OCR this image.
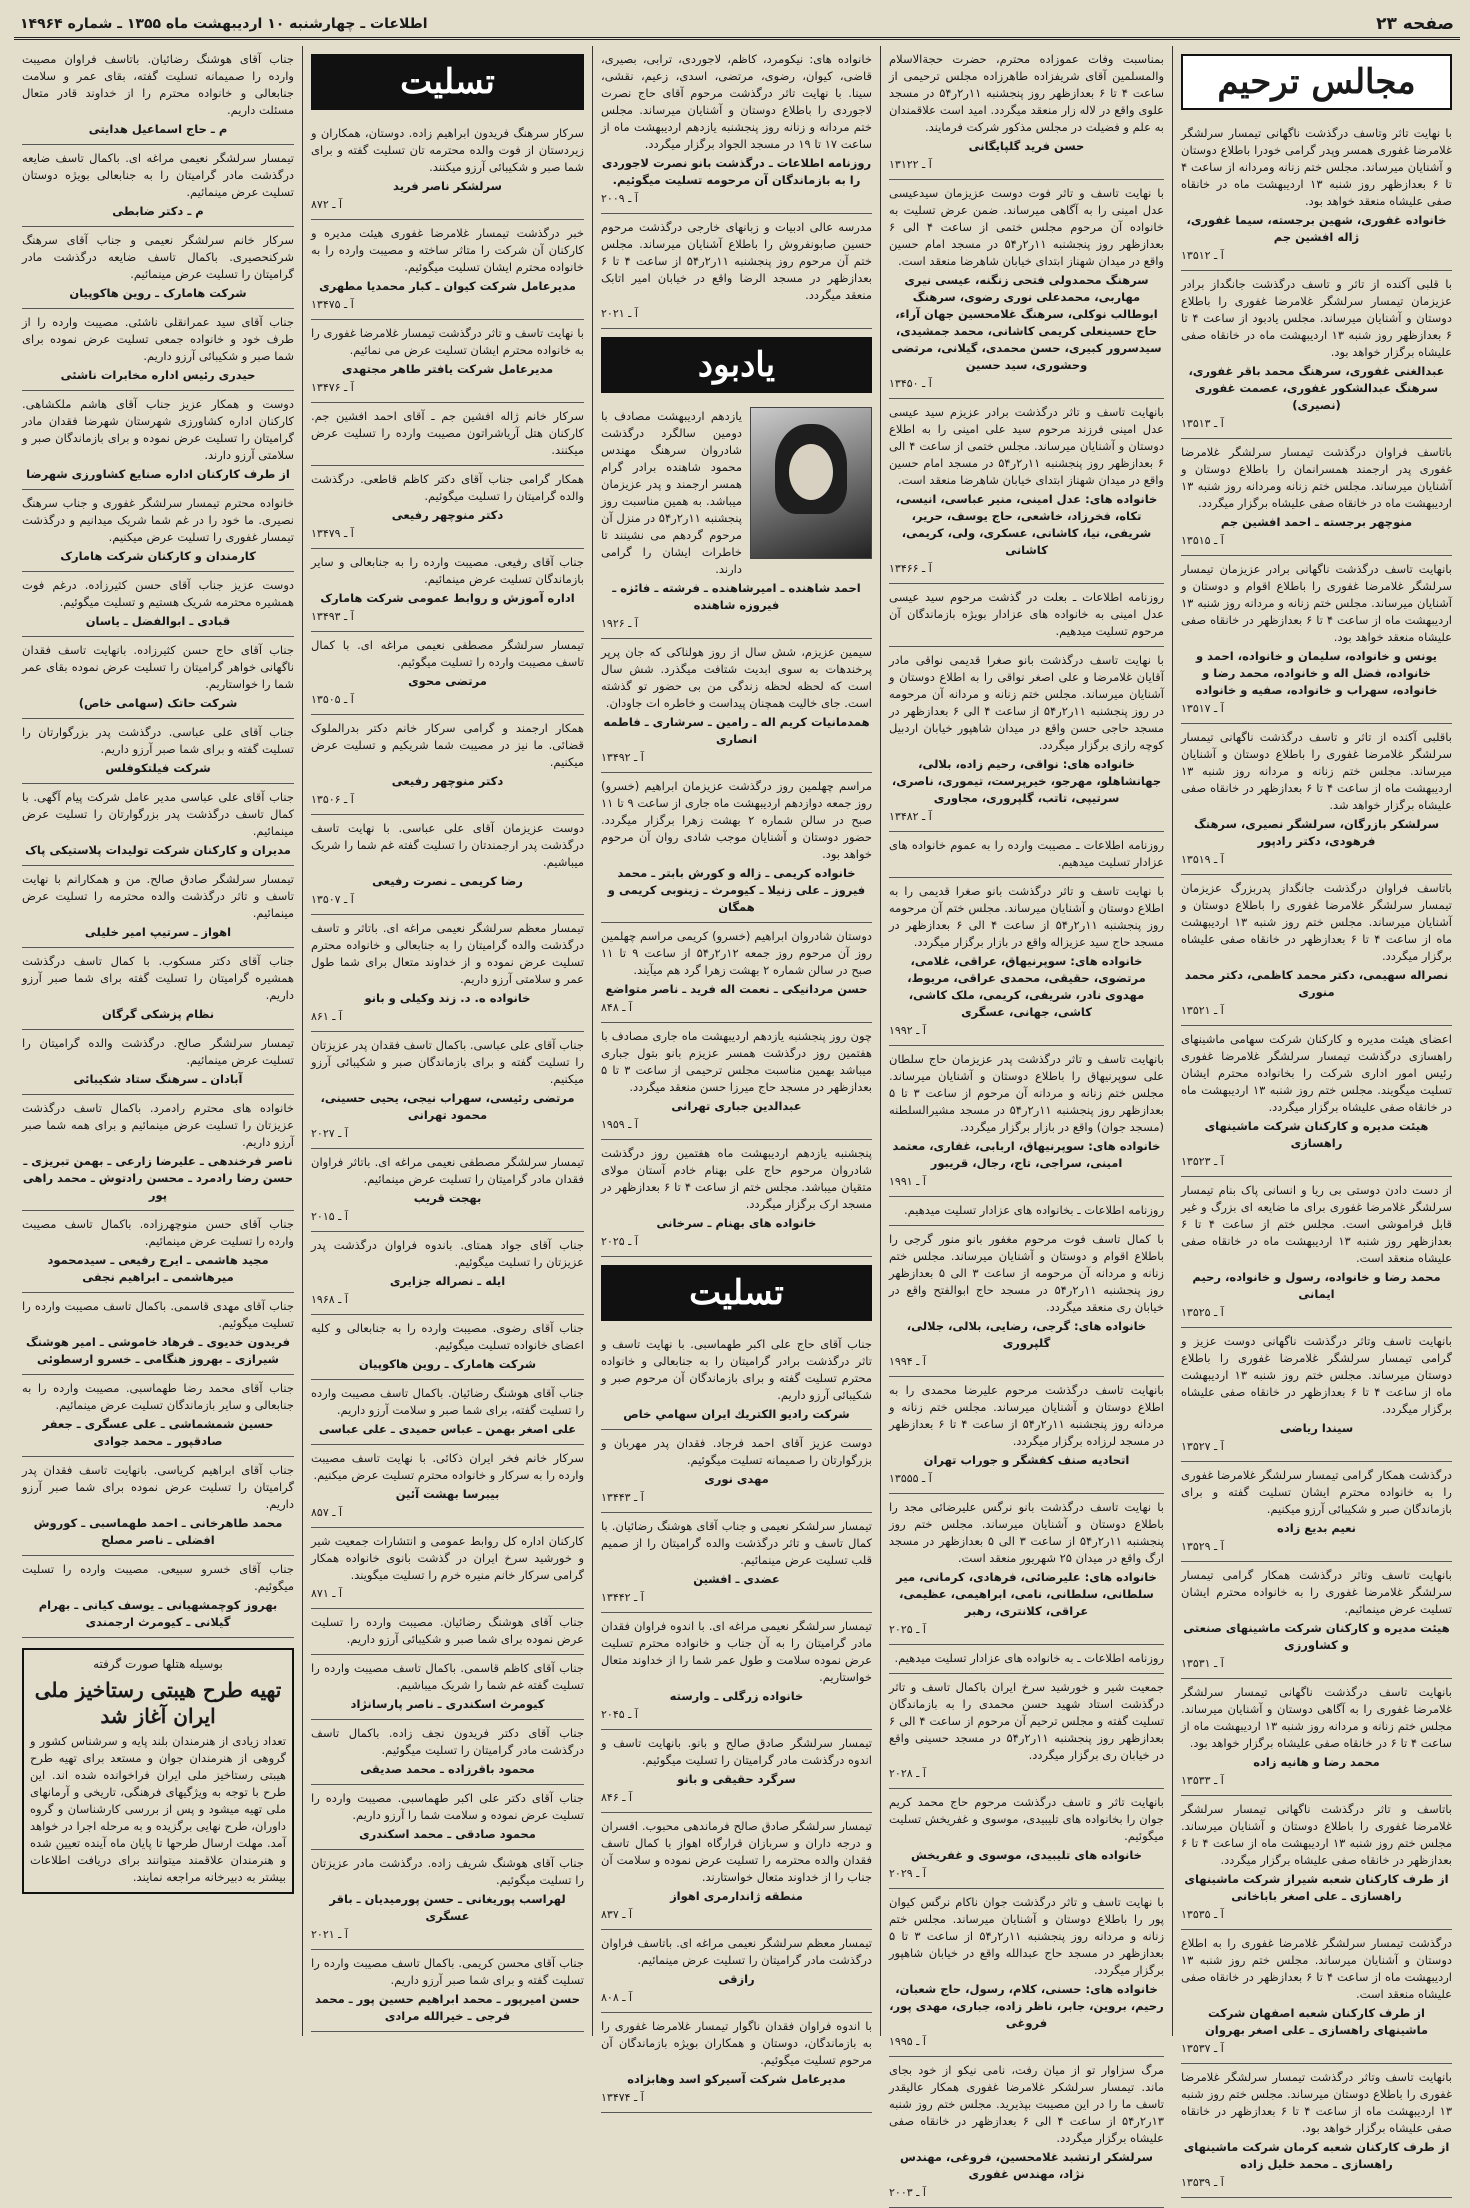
صفحه ۲۳
اطلاعات ـ چهارشنبه ۱۰ اردیبهشت ماه ۱۳۵۵ ـ شماره ۱۴۹۶۴
مجالس ترحیم
با نهایت تاثر وتاسف درگذشت ناگهانی تیمسار سرلشگر غلامرضا غفوری همسر وپدر گرامی خودرا باطلاع دوستان و آشنایان میرساند. مجلس ختم زنانه ومردانه از ساعت ۴ تا ۶ بعدازظهر روز شنبه ۱۳ اردیبهشت ماه در خانقاه صفی علیشاه منعقد خواهد بود.
خانواده غفوری، شهین برجسته، سیما غفوری، ژاله افشین جم
آ ـ ۱۳۵۱۲
با قلبی آکنده از تاثر و تاسف درگذشت جانگداز برادر عزیزمان تیمسار سرلشگر غلامرضا غفوری را باطلاع دوستان و آشنایان میرساند. مجلس یادبود از ساعت ۴ تا ۶ بعدازظهر روز شنبه ۱۳ اردیبهشت ماه در خانقاه صفی علیشاه برگزار خواهد بود.
عبدالغنی غفوری، سرهنگ محمد باقر غفوری، سرهنگ عبدالشکور غفوری، عصمت غفوری (نصیری)
آ ـ ۱۳۵۱۳
باتاسف فراوان درگذشت تیمسار سرلشگر غلامرضا غفوری پدر ارجمند همسرانمان را باطلاع دوستان و آشنایان میرساند. مجلس ختم زنانه ومردانه روز شنبه ۱۳ اردیبهشت ماه در خانقاه صفی علیشاه برگزار میگردد.
منوچهر برجسته ـ احمد افشین جم
آ ـ ۱۳۵۱۵
بانهایت تاسف درگذشت ناگهانی برادر عزیزمان تیمسار سرلشگر غلامرضا غفوری را باطلاع اقوام و دوستان و آشنایان میرساند. مجلس ختم زنانه و مردانه روز شنبه ۱۳ اردیبهشت ماه از ساعت ۴ تا ۶ بعدازظهر در خانقاه صفی علیشاه منعقد خواهد بود.
یونس و خانواده، سلیمان و خانواده، احمد و خانواده، فضل اله و خانواده، محمد رضا و خانواده، سهراب و خانواده، صفیه و خانواده
آ ـ ۱۳۵۱۷
باقلبی آکنده از تاثر و تاسف درگذشت ناگهانی تیمسار سرلشگر غلامرضا غفوری را باطلاع دوستان و آشنایان میرساند. مجلس ختم زنانه و مردانه روز شنبه ۱۳ اردیبهشت ماه از ساعت ۴ تا ۶ بعدازظهر در خانقاه صفی علیشاه برگزار خواهد شد.
سرلشکر بازرگان، سرلشگر نصیری، سرهنگ فرهودی، دکتر رادپور
آ ـ ۱۳۵۱۹
باتاسف فراوان درگذشت جانگداز پدربزرگ عزیزمان تیمسار سرلشگر غلامرضا غفوری را باطلاع دوستان و آشنایان میرساند. مجلس ختم روز شنبه ۱۳ اردیبهشت ماه از ساعت ۴ تا ۶ بعدازظهر در خانقاه صفی علیشاه برگزار میگردد.
نصراله سهیمی، دکتر محمد کاظمی، دکتر محمد منوری
آ ـ ۱۳۵۲۱
اعضای هیئت مدیره و کارکنان شرکت سهامی ماشینهای راهسازی درگذشت تیمسار سرلشگر غلامرضا غفوری رئیس امور اداری شرکت را بخانواده محترم ایشان تسلیت میگویند. مجلس ختم روز شنبه ۱۳ اردیبهشت ماه در خانقاه صفی علیشاه برگزار میگردد.
هیئت مدیره و کارکنان شرکت ماشینهای راهسازی
آ ـ ۱۳۵۲۳
از دست دادن دوستی بی ریا و انسانی پاک بنام تیمسار سرلشگر غلامرضا غفوری برای ما ضایعه ای بزرگ و غیر قابل فراموشی است. مجلس ختم از ساعت ۴ تا ۶ بعدازظهر روز شنبه ۱۳ اردیبهشت ماه در خانقاه صفی علیشاه منعقد است.
محمد رضا و خانواده، رسول و خانواده، رحیم ایمانی
آ ـ ۱۳۵۲۵
بانهایت تاسف وتاثر درگذشت ناگهانی دوست عزیز و گرامی تیمسار سرلشگر غلامرضا غفوری را باطلاع دوستان میرساند. مجلس ختم روز شنبه ۱۳ اردیبهشت ماه از ساعت ۴ تا ۶ بعدازظهر در خانقاه صفی علیشاه برگزار میگردد.
سیندا ریاضی
آ ـ ۱۳۵۲۷
درگذشت همکار گرامی تیمسار سرلشگر غلامرضا غفوری را به خانواده محترم ایشان تسلیت گفته و برای بازماندگان صبر و شکیبائی آرزو میکنیم.
نعیم بدیع زاده
آ ـ ۱۳۵۲۹
بانهایت تاسف وتاثر درگذشت همکار گرامی تیمسار سرلشگر غلامرضا غفوری را به خانواده محترم ایشان تسلیت عرض مینمائیم.
هیئت مدیره و کارکنان شرکت ماشینهای صنعتی و کشاورزی
آ ـ ۱۳۵۳۱
بانهایت تاسف درگذشت ناگهانی تیمسار سرلشگر غلامرضا غفوری را به آگاهی دوستان و آشنایان میرساند. مجلس ختم زنانه و مردانه روز شنبه ۱۳ اردیبهشت ماه از ساعت ۴ تا ۶ در خانقاه صفی علیشاه برگزار خواهد بود.
محمد رضا و هانیه زاده
آ ـ ۱۳۵۳۳
باتاسف و تاثر درگذشت ناگهانی تیمسار سرلشگر غلامرضا غفوری را باطلاع دوستان و آشنایان میرساند. مجلس ختم روز شنبه ۱۳ اردیبهشت ماه از ساعت ۴ تا ۶ بعدازظهر در خانقاه صفی علیشاه برگزار میگردد.
از طرف کارکنان شعبه شیراز شرکت ماشینهای راهسازی ـ علی اصغر باباخانی
آ ـ ۱۳۵۳۵
درگذشت تیمسار سرلشگر غلامرضا غفوری را به اطلاع دوستان و آشنایان میرساند. مجلس ختم روز شنبه ۱۳ اردیبهشت ماه از ساعت ۴ تا ۶ بعدازظهر در خانقاه صفی علیشاه منعقد است.
از طرف کارکنان شعبه اصفهان شرکت ماشینهای راهسازی ـ علی اصغر بهروان
آ ـ ۱۳۵۳۷
بانهایت تاسف وتاثر درگذشت تیمسار سرلشگر غلامرضا غفوری را باطلاع دوستان میرساند. مجلس ختم روز شنبه ۱۳ اردیبهشت ماه از ساعت ۴ تا ۶ بعدازظهر در خانقاه صفی علیشاه برگزار خواهد بود.
از طرف کارکنان شعبه کرمان شرکت ماشینهای راهسازی ـ محمد خلیل زاده
آ ـ ۱۳۵۳۹
بمناسبت وفات عموزاده محترم، حضرت حجةالاسلام والمسلمین آقای شریفزاده طاهرزاده مجلس ترحیمی از ساعت ۴ تا ۶ بعدازظهر روز پنجشنبه ۱۱ر۲ر۵۴ در مسجد علوی واقع در لاله زار منعقد میگردد. امید است علاقمندان به علم و فضیلت در مجلس مذکور شرکت فرمایند.
حسن فرید گلپایگانی
آ ـ ۱۳۱۲۲
با نهایت تاسف و تاثر فوت دوست عزیزمان سیدعیسی عدل امینی را به آگاهی میرساند. ضمن عرض تسلیت به خانواده آن مرحوم مجلس ختمی از ساعت ۴ الی ۶ بعدازظهر روز پنجشنبه ۱۱ر۲ر۵۴ در مسجد امام حسین واقع در میدان شهناز ابتدای خیابان شاهرضا منعقد است.
سرهنگ محمدولی فتحی زنگنه، عیسی نیری مهاربی، محمدعلی نوری رضوی، سرهنگ ابوطالب نوکلی، سرهنگ غلامحسین جهان آراء، حاج حسینعلی کریمی کاشانی، محمد جمشیدی، سیدسرور کبیری، حسن محمدی، گیلانی، مرتضی وحشوری، سید حسین
آ ـ ۱۳۴۵۰
بانهایت تاسف و تاثر درگذشت برادر عزیزم سید عیسی عدل امینی فرزند مرحوم سید علی امینی را به اطلاع دوستان و آشنایان میرساند. مجلس ختمی از ساعت ۴ الی ۶ بعدازظهر روز پنجشنبه ۱۱ر۲ر۵۴ در مسجد امام حسین واقع در میدان شهناز ابتدای خیابان شاهرضا منعقد است.
خانواده های: عدل امینی، منیر عباسی، انیسی، تکاه، فخرزاد، خاشعی، حاج یوسف، حریر، شریفی، نیا، کاشانی، عسکری، ولی، کریمی، کاشانی
آ ـ ۱۳۴۶۶
روزنامه اطلاعات ـ بعلت در گذشت مرحوم سید عیسی عدل امینی به خانواده های عزادار بویژه بازماندگان آن مرحوم تسلیت میدهیم.
با نهایت تاسف درگذشت بانو صغرا قدیمی نواقی مادر آقایان غلامرضا و علی اصغر نواقی را به اطلاع دوستان و آشنایان میرساند. مجلس ختم زنانه و مردانه آن مرحومه در روز پنجشنبه ۱۱ر۲ر۵۴ از ساعت ۴ الی ۶ بعدازظهر در مسجد حاجی حسن واقع در میدان شاهپور خیابان اردبیل کوچه رازی برگزار میگردد.
خانواده های: نواقی، رحیم زاده، بلالی، جهانشاهلو، مهرجو، خیرپرست، تیموری، ناصری، سرتیپی، تاتب، گلپروری، مجاوری
آ ـ ۱۳۴۸۲
روزنامه اطلاعات ـ مصیبت وارده را به عموم خانواده های عزادار تسلیت میدهیم.
با نهایت تاسف و تاثر درگذشت بانو صغرا قدیمی را به اطلاع دوستان و آشنایان میرساند. مجلس ختم آن مرحومه روز پنجشنبه ۱۱ر۲ر۵۴ از ساعت ۴ الی ۶ بعدازظهر در مسجد حاج سید عزیزاله واقع در بازار برگزار میگردد.
خانواده های: سوپرنیهاق، عراقی، غلامی، مرتضوی، حقیقی، محمدی عراقی، مریوط، مهدوی نادر، شریفی، کریمی، ملک کاشی، کاشی، جهانی، عسگری
آ ـ ۱۹۹۲
بانهایت تاسف و تاثر درگذشت پدر عزیزمان حاج سلطان علی سوپرنیهاق را باطلاع دوستان و آشنایان میرساند. مجلس ختم زنانه و مردانه آن مرحوم از ساعت ۳ تا ۵ بعدازظهر روز پنجشنبه ۱۱ر۲ر۵۴ در مسجد مشیرالسلطنه (مسجد جوان) واقع در بازار برگزار میگردد.
خانواده های: سوپرنیهاق، اربابی، غفاری، معتمد امینی، سراجی، تاج، رجال، قریبور
آ ـ ۱۹۹۱
روزنامه اطلاعات ـ بخانواده های عزادار تسلیت میدهیم.
با کمال تاسف فوت مرحوم مغفور بانو منور گرجی را باطلاع اقوام و دوستان و آشنایان میرساند. مجلس ختم زنانه و مردانه آن مرحومه از ساعت ۳ الی ۵ بعدازظهر روز پنجشنبه ۱۱ر۲ر۵۴ در مسجد حاج ابوالفتح واقع در خیابان ری منعقد میگردد.
خانواده های: گرجی، رضایی، بلالی، جلالی، گلپروری
آ ـ ۱۹۹۴
بانهایت تاسف درگذشت مرحوم علیرضا محمدی را به اطلاع دوستان و آشنایان میرساند. مجلس ختم زنانه و مردانه روز پنجشنبه ۱۱ر۲ر۵۴ از ساعت ۴ تا ۶ بعدازظهر در مسجد لرزاده برگزار میگردد.
اتحادیه صنف کفشگر و جوراب تهران
آ ـ ۱۳۵۵۵
با نهایت تاسف درگذشت بانو نرگس علیرضائی مجد را باطلاع دوستان و آشنایان میرساند. مجلس ختم روز پنجشنبه ۱۱ر۲ر۵۴ از ساعت ۳ الی ۵ بعدازظهر در مسجد ارگ واقع در میدان ۲۵ شهریور منعقد است.
خانواده های: علیرضائی، فرهادی، کرمانی، میر سلطانی، سلطانی، نامی، ابراهیمی، عظیمی، عراقی، کلانتری، رهبر
آ ـ ۲۰۲۵
روزنامه اطلاعات ـ به خانواده های عزادار تسلیت میدهیم.
جمعیت شیر و خورشید سرخ ایران باکمال تاسف و تاثر درگذشت استاد شهید حسن محمدی را به بازماندگان تسلیت گفته و مجلس ترحیم آن مرحوم از ساعت ۴ الی ۶ بعدازظهر روز پنجشنبه ۱۱ر۲ر۵۴ در مسجد حسینی واقع در خیابان ری برگزار میگردد.
آ ـ ۲۰۲۸
بانهایت تاثر و تاسف درگذشت مرحوم حاج محمد کریم جوان را بخانواده های تلیبیدی، موسوی و غفریخش تسلیت میگوئیم.
خانواده های تلیبیدی، موسوی و غفریخش
آ ـ ۲۰۲۹
با نهایت تاسف و تاثر درگذشت جوان ناکام نرگس کیوان پور را باطلاع دوستان و آشنایان میرساند. مجلس ختم زنانه و مردانه روز پنجشنبه ۱۱ر۲ر۵۴ از ساعت ۳ تا ۵ بعدازظهر در مسجد حاج عبدالله واقع در خیابان شاهپور برگزار میگردد.
خانواده های: حسنی، کلام، رسول، حاج شعبان، رحیم، بروین، جابر، ناظر زاده، جباری، مهدی پور، فروغی
آ ـ ۱۹۹۵
مرگ سزاوار تو از میان رفت، نامی نیکو از خود بجای ماند. تیمسار سرلشکر غلامرضا غفوری همکار عالیقدر تاسف ما را در این مصیبت بپذیرید. مجلس ختم روز شنبه ۱۳ر۲ر۵۴ از ساعت ۴ الی ۶ بعدازظهر در خانقاه صفی علیشاه برگزار میگردد.
سرلشکر ارتشبد غلامحسین، فروغی، مهندس نژاد، مهندس غفوری
آ ـ ۲۰۰۳
خانواده های: نیکومرد، کاظم، لاجوردی، ترابی، بصیری، قاضی، کیوان، رضوی، مرتضی، اسدی، زعیم، نقشی، سینا. با نهایت تاثر درگذشت مرحوم آقای حاج نصرت لاجوردی را باطلاع دوستان و آشنایان میرساند. مجلس ختم مردانه و زنانه روز پنجشنبه یازدهم اردیبهشت ماه از ساعت ۱۷ تا ۱۹ در مسجد الجواد برگزار میگردد.
روزنامه اطلاعات ـ درگذشت بانو نصرت لاجوردی را به بازماندگان آن مرحومه تسلیت میگوئیم.
آ ـ ۲۰۰۹
مدرسه عالی ادبیات و زبانهای خارجی درگذشت مرحوم حسین صابونفروش را باطلاع آشنایان میرساند. مجلس ختم آن مرحوم روز پنجشنبه ۱۱ر۲ر۵۴ از ساعت ۴ تا ۶ بعدازظهر در مسجد الرضا واقع در خیابان امیر اتابک منعقد میگردد.
آ ـ ۲۰۲۱
یادبود
یازدهم اردیبهشت مصادف با دومین سالگرد درگذشت شادروان سرهنگ مهندس محمود شاهنده برادر گرام همسر ارجمند و پدر عزیزمان میباشد. به همین مناسبت روز پنجشنبه ۱۱ر۲ر۵۴ در منزل آن مرحوم گردهم می نشینند تا خاطرات ایشان را گرامی دارند.
احمد شاهنده ـ امیرشاهنده ـ فرشته ـ فائزه ـ فیروزه شاهنده
آ ـ ۱۹۲۶
سیمین عزیزم، شش سال از روز هولناکی که جان پرپر پرخندهات به سوی ابدیت شتافت میگذرد. شش سال است که لحظه لحظه زندگی من بی حضور تو گذشته است. جای خالیت همچنان پیداست و خاطره ات جاودان.
همدمانیات کریم اله ـ رامین ـ سرشاری ـ فاطمه انصاری
آ ـ ۱۳۴۹۲
مراسم چهلمین روز درگذشت عزیزمان ابراهیم (خسرو) روز جمعه دوازدهم اردیبهشت ماه جاری از ساعت ۹ تا ۱۱ صبح در سالن شماره ۲ بهشت زهرا برگزار میگردد. حضور دوستان و آشنایان موجب شادی روان آن مرحوم خواهد بود.
خانواده کریمی ـ زاله و کورش بابتر ـ محمد فیروز ـ علی زنیلا ـ کیومرث ـ زینوبی کریمی و همگان
دوستان شادروان ابراهیم (خسرو) کریمی مراسم چهلمین روز آن مرحوم روز جمعه ۱۲ر۲ر۵۴ از ساعت ۹ تا ۱۱ صبح در سالن شماره ۲ بهشت زهرا گرد هم میآیند.
حسن مردانیکی ـ نعمت اله فرید ـ ناصر متواضع
آ ـ ۸۴۸
چون روز پنجشنبه یازدهم اردیبهشت ماه جاری مصادف با هفتمین روز درگذشت همسر عزیزم بانو بتول جباری میباشد بهمین مناسبت مجلس ترحیمی از ساعت ۳ تا ۵ بعدازظهر در مسجد حاج میرزا حسن منعقد میگردد.
عبدالدین جباری تهرانی
آ ـ ۱۹۵۹
پنجشنبه یازدهم اردیبهشت ماه هفتمین روز درگذشت شادروان مرحوم حاج علی بهنام خادم آستان مولای متقیان میباشد. مجلس ختم از ساعت ۴ تا ۶ بعدازظهر در مسجد ارک برگزار میگردد.
خانواده های بهنام ـ سرخانی
آ ـ ۲۰۲۵
تسلیت
جناب آقای حاج علی اکبر طهماسبی. با نهایت تاسف و تاثر درگذشت برادر گرامیتان را به جنابعالی و خانواده محترم تسلیت گفته و برای بازماندگان آن مرحوم صبر و شکیبائی آرزو داریم.
شرکت راديو الكتريك ايران سهامي خاص
دوست عزیز آقای احمد فرجاد. فقدان پدر مهربان و بزرگوارتان را صمیمانه تسلیت میگوئیم.
مهدی نوری
آ ـ ۱۳۴۴۳
تیمسار سرلشکر نعیمی و جناب آقای هوشنگ رضائیان. با کمال تاسف و تاثر درگذشت والده گرامیتان را از صمیم قلب تسلیت عرض مینمائیم.
عضدی ـ افشین
آ ـ ۱۳۴۴۲
تیمسار سرلشگر نعیمی مراغه ای. با اندوه فراوان فقدان مادر گرامیتان را به آن جناب و خانواده محترم تسلیت عرض نموده سلامت و طول عمر شما را از خداوند متعال خواستاریم.
خانواده زرگلی ـ وارسته
آ ـ ۲۰۴۵
تیمسار سرلشگر صادق صالح و بانو. بانهایت تاسف و اندوه درگذشت مادر گرامیتان را تسلیت میگوئیم.
سرگرد حقیقی و بانو
آ ـ ۸۴۶
تیمسار سرلشگر صادق صالح فرماندهی محبوب. افسران و درجه داران و سربازان قرارگاه اهواز با کمال تاسف فقدان والده محترمه را تسلیت عرض نموده و سلامت آن جناب را از خداوند متعال خواستارند.
منطقه ژاندارمری اهواز
آ ـ ۸۳۷
تیمسار معظم سرلشگر نعیمی مراغه ای. باتاسف فراوان درگذشت مادر گرامیتان را تسلیت عرض مینمائیم.
رازقی
آ ـ ۸۰۸
با اندوه فراوان فقدان ناگوار تیمسار غلامرضا غفوری را به بازماندگان، دوستان و همکاران بویژه بازماندگان آن مرحوم تسلیت میگوئیم.
مدیرعامل شرکت آسیرکو اسد وهابزاده
آ ـ ۱۳۴۷۴
تسلیت
سرکار سرهنگ فریدون ابراهیم زاده. دوستان، همکاران و زیردستان از فوت والده محترمه تان تسلیت گفته و برای شما صبر و شکیبائی آرزو میکنند.
سرلشکر ناصر فرید
آ ـ ۸۷۲
خبر درگذشت تیمسار غلامرضا غفوری هیئت مدیره و کارکنان آن شرکت را متاثر ساخته و مصیبت وارده را به خانواده محترم ایشان تسلیت میگوئیم.
مدیرعامل شرکت کیوان ـ کبار محمدیا مطهری
آ ـ ۱۳۴۷۵
با نهایت تاسف و تاثر درگذشت تیمسار غلامرضا غفوری را به خانواده محترم ایشان تسلیت عرض می نمائیم.
مدیرعامل شرکت یافتر طاهر مجتهدی
آ ـ ۱۳۴۷۶
سرکار خانم ژاله افشین جم ـ آقای احمد افشین جم. کارکنان هتل آریاشراتون مصیبت وارده را تسلیت عرض میکنند.
همکار گرامی جناب آقای دکتر کاظم قاطعی. درگذشت والده گرامیتان را تسلیت میگوئیم.
دکتر منوچهر رفیعی
آ ـ ۱۳۴۷۹
جناب آقای رفیعی. مصیبت وارده را به جنابعالی و سایر بازماندگان تسلیت عرض مینمائیم.
اداره آموزش و روابط عمومی شرکت هامارک
آ ـ ۱۳۴۹۳
تیمسار سرلشگر مصطفی نعیمی مراغه ای. با کمال تاسف مصیبت وارده را تسلیت میگوئیم.
مرتضی محوی
آ ـ ۱۳۵۰۵
همکار ارجمند و گرامی سرکار خانم دکتر بدرالملوک قضائی. ما نیز در مصیبت شما شریکیم و تسلیت عرض میکنیم.
دکتر منوچهر رفیعی
آ ـ ۱۳۵۰۶
دوست عزیزمان آقای علی عباسی. با نهایت تاسف درگذشت پدر ارجمندتان را تسلیت گفته غم شما را شریک میباشیم.
رضا کریمی ـ نصرت رفیعی
آ ـ ۱۳۵۰۷
تیمسار معظم سرلشگر نعیمی مراغه ای. باتاثر و تاسف درگذشت والده گرامیتان را به جنابعالی و خانواده محترم تسلیت عرض نموده و از خداوند متعال برای شما طول عمر و سلامتی آرزو داریم.
خانواده ه. د. زند وکیلی و بانو
آ ـ ۸۶۱
جناب آقای علی عباسی. باکمال تاسف فقدان پدر عزیزتان را تسلیت گفته و برای بازماندگان صبر و شکیبائی آرزو میکنیم.
مرتضی رئیسی، سهراب نیجی، یحیی حسینی، محمود تهرانی
آ ـ ۲۰۲۷
تیمسار سرلشگر مصطفی نعیمی مراغه ای. باتاثر فراوان فقدان مادر گرامیتان را تسلیت عرض مینمائیم.
بهجت قریب
آ ـ ۲۰۱۵
جناب آقای جواد همتای. باندوه فراوان درگذشت پدر عزیزتان را تسلیت میگوئیم.
ایله ـ نصراله جزایری
آ ـ ۱۹۶۸
جناب آقای رضوی. مصیبت وارده را به جنابعالی و کلیه اعضای خانواده تسلیت میگوئیم.
شرکت هامارک ـ روین هاکوپیان
جناب آقای هوشنگ رضائیان. باکمال تاسف مصیبت وارده را تسلیت گفته، برای شما صبر و سلامت آرزو داریم.
علی اصغر بهمن ـ عباس حمیدی ـ علی عباسی
سرکار خانم فخر ایران ذکائی. با نهایت تاسف مصیبت وارده را به سرکار و خانواده محترم تسلیت عرض میکنیم.
بیبرسا بهشت آئین
آ ـ ۸۵۷
کارکنان اداره کل روابط عمومی و انتشارات جمعیت شیر و خورشید سرخ ایران در گذشت بانوی خانواده همکار گرامی سرکار خانم منیره خرم را تسلیت میگویند.
آ ـ ۸۷۱
جناب آقای هوشنگ رضائیان. مصیبت وارده را تسلیت عرض نموده برای شما صبر و شکیبائی آرزو داریم.
جناب آقای کاظم قاسمی. باکمال تاسف مصیبت وارده را تسلیت گفته غم شما را شریک میباشیم.
کیومرث اسکندری ـ ناصر پارسانژاد
جناب آقای دکتر فریدون نجف زاده. باکمال تاسف درگذشت مادر گرامیتان را تسلیت میگوئیم.
محمود باقرزاده ـ محمد صدیقی
جناب آقای دکتر علی اکبر طهماسبی. مصیبت وارده را تسلیت عرض نموده و سلامت شما را آرزو داریم.
محمود صادقی ـ محمد اسکندری
جناب آقای هوشنگ شریف زاده. درگذشت مادر عزیزتان را تسلیت میگوئیم.
لهراسب پوریغانی ـ حسن پورمیدیان ـ باقر عسگری
آ ـ ۲۰۲۱
جناب آقای محسن کریمی. باکمال تاسف مصیبت وارده را تسلیت گفته و برای شما صبر آرزو داریم.
حسن امیرپور ـ محمد ابراهیم حسین پور ـ محمد فرجی ـ خیرالله مرادی
جناب آقای هوشنگ رضائیان. باتاسف فراوان مصیبت وارده را صمیمانه تسلیت گفته، بقای عمر و سلامت جنابعالی و خانواده محترم را از خداوند قادر متعال مسئلت داریم.
م ـ حاج اسماعیل هدایتی
تیمسار سرلشگر نعیمی مراغه ای. باکمال تاسف ضایعه درگذشت مادر گرامیتان را به جنابعالی بویژه دوستان تسلیت عرض مینمائیم.
م ـ دکتر ضابطی
سرکار خانم سرلشگر نعیمی و جناب آقای سرهنگ شرکنحصیری. باکمال تاسف ضایعه درگذشت مادر گرامیتان را تسلیت عرض مینمائیم.
شرکت هامارک ـ روین هاکوپیان
جناب آقای سید عمرانقلی ناشئی. مصیبت وارده را از طرف خود و خانواده جمعی تسلیت عرض نموده برای شما صبر و شکیبائی آرزو داریم.
حیدری رئیس اداره مخابرات ناشئی
دوست و همکار عزیز جناب آقای هاشم ملکشاهی. کارکنان اداره کشاورزی شهرستان شهرضا فقدان مادر گرامیتان را تسلیت عرض نموده و برای بازماندگان صبر و سلامتی آرزو دارند.
از طرف کارکنان اداره صنایع کشاورزی شهرضا
خانواده محترم تیمسار سرلشگر غفوری و جناب سرهنگ نصیری. ما خود را در غم شما شریک میدانیم و درگذشت تیمسار غفوری را تسلیت عرض میکنیم.
کارمندان و کارکنان شرکت هامارک
دوست عزیز جناب آقای حسن کثیرزاده. درغم فوت همشیره محترمه شریک هستیم و تسلیت میگوئیم.
قبادی ـ ابوالفضل ـ یاسان
جناب آقای حاج حسن کثیرزاده. بانهایت تاسف فقدان ناگهانی خواهر گرامیتان را تسلیت عرض نموده بقای عمر شما را خواستاریم.
شرکت حاتک (سهامی خاص)
جناب آقای علی عباسی. درگذشت پدر بزرگوارتان را تسلیت گفته و برای شما صبر آرزو داریم.
شرکت فیلتکوفلس
جناب آقای علی عباسی مدیر عامل شرکت پیام آگهی. با کمال تاسف درگذشت پدر بزرگوارتان را تسلیت عرض مینمائیم.
مدیران و کارکنان شرکت تولیدات پلاستیکی پاک
تیمسار سرلشگر صادق صالح. من و همکارانم با نهایت تاسف و تاثر درگذشت والده محترمه را تسلیت عرض مینمائیم.
اهواز ـ سرتیپ امیر خلیلی
جناب آقای دکتر مسکوب. با کمال تاسف درگذشت همشیره گرامیتان را تسلیت گفته برای شما صبر آرزو داریم.
نظام پزشکی گرگان
تیمسار سرلشگر صالح. درگذشت والده گرامیتان را تسلیت عرض مینمائیم.
آبادان ـ سرهنگ ستاد شکیبائی
خانواده های محترم رادمرد. باکمال تاسف درگذشت عزیزتان را تسلیت عرض مینمائیم و برای همه شما صبر آرزو داریم.
ناصر فرخندهی ـ علیرضا زارعی ـ بهمن تبریزی ـ حسن رضا رادمرد ـ محسن رادتوش ـ محمد راهی پور
جناب آقای حسن منوچهرزاده. باکمال تاسف مصیبت وارده را تسلیت عرض مینمائیم.
مجید هاشمی ـ ایرج رفیعی ـ سیدمحمود میرهاشمی ـ ابراهیم نجفی
جناب آقای مهدی قاسمی. باکمال تاسف مصیبت وارده را تسلیت میگوئیم.
فریدون خدیوی ـ فرهاد خاموشی ـ امیر هوشنگ شیرازی ـ بهروز هنگامی ـ خسرو ارسطوئی
جناب آقای محمد رضا طهماسبی. مصیبت وارده را به جنابعالی و سایر بازماندگان تسلیت عرض مینمائیم.
حسین شمشماشی ـ علی عسگری ـ جعفر صادقپور ـ محمد جوادی
جناب آقای ابراهیم کریاسی. بانهایت تاسف فقدان پدر گرامیتان را تسلیت عرض نموده برای شما صبر آرزو داریم.
محمد طاهرخانی ـ احمد طهماسبی ـ کوروش افضلی ـ ناصر مصلح
جناب آقای خسرو سبیعی. مصیبت وارده را تسلیت میگوئیم.
بهروز کوچمشهیانی ـ یوسف کیانی ـ بهرام گیلانی ـ کیومرث ارجمندی
بوسیله هتلها صورت گرفته
تهیه طرح هیبتی رستاخیز ملی ایران آغاز شد
تعداد زیادی از هنرمندان بلند پایه و سرشناس کشور و گروهی از هنرمندان جوان و مستعد برای تهیه طرح هیبتی رستاخیز ملی ایران فراخوانده شده اند. این طرح با توجه به ویژگیهای فرهنگی، تاریخی و آرمانهای ملی تهیه میشود و پس از بررسی کارشناسان و گروه داوران، طرح نهایی برگزیده و به مرحله اجرا در خواهد آمد. مهلت ارسال طرحها تا پایان ماه آینده تعیین شده و هنرمندان علاقمند میتوانند برای دریافت اطلاعات بیشتر به دبیرخانه مراجعه نمایند.
